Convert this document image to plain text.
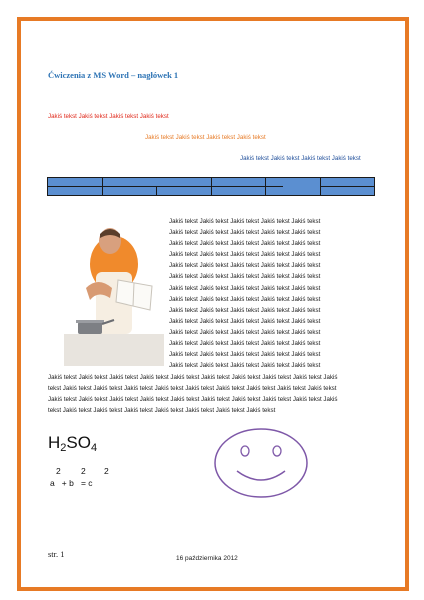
Ćwiczenia z MS Word – nagłówek 1
Jakiś tekst Jakiś tekst Jakiś tekst Jakiś tekst
Jakiś tekst Jakiś tekst Jakiś tekst Jakiś tekst
Jakiś tekst Jakiś tekst Jakiś tekst Jakiś tekst
Jakiś tekst Jakiś tekst Jakiś tekst Jakiś tekst Jakiś tekst
Jakiś tekst Jakiś tekst Jakiś tekst Jakiś tekst Jakiś tekst
Jakiś tekst Jakiś tekst Jakiś tekst Jakiś tekst Jakiś tekst
Jakiś tekst Jakiś tekst Jakiś tekst Jakiś tekst Jakiś tekst
Jakiś tekst Jakiś tekst Jakiś tekst Jakiś tekst Jakiś tekst
Jakiś tekst Jakiś tekst Jakiś tekst Jakiś tekst Jakiś tekst
Jakiś tekst Jakiś tekst Jakiś tekst Jakiś tekst Jakiś tekst
Jakiś tekst Jakiś tekst Jakiś tekst Jakiś tekst Jakiś tekst
Jakiś tekst Jakiś tekst Jakiś tekst Jakiś tekst Jakiś tekst
Jakiś tekst Jakiś tekst Jakiś tekst Jakiś tekst Jakiś tekst
Jakiś tekst Jakiś tekst Jakiś tekst Jakiś tekst Jakiś tekst
Jakiś tekst Jakiś tekst Jakiś tekst Jakiś tekst Jakiś tekst
Jakiś tekst Jakiś tekst Jakiś tekst Jakiś tekst Jakiś tekst
Jakiś tekst Jakiś tekst Jakiś tekst Jakiś tekst Jakiś tekst
Jakiś tekst Jakiś tekst Jakiś tekst Jakiś tekst Jakiś tekst Jakiś tekst Jakiś tekst Jakiś tekst Jakiś tekst Jakiś
tekst Jakiś tekst Jakiś tekst Jakiś tekst Jakiś tekst Jakiś tekst Jakiś tekst Jakiś tekst Jakiś tekst Jakiś tekst
Jakiś tekst Jakiś tekst Jakiś tekst Jakiś tekst Jakiś tekst Jakiś tekst Jakiś tekst Jakiś tekst Jakiś tekst Jakiś
tekst Jakiś tekst Jakiś tekst Jakiś tekst Jakiś tekst Jakiś tekst Jakiś tekst Jakiś tekst
$H_2SO_4$
2 2 2
a   + b   = c
str. 1	16 października 2012
